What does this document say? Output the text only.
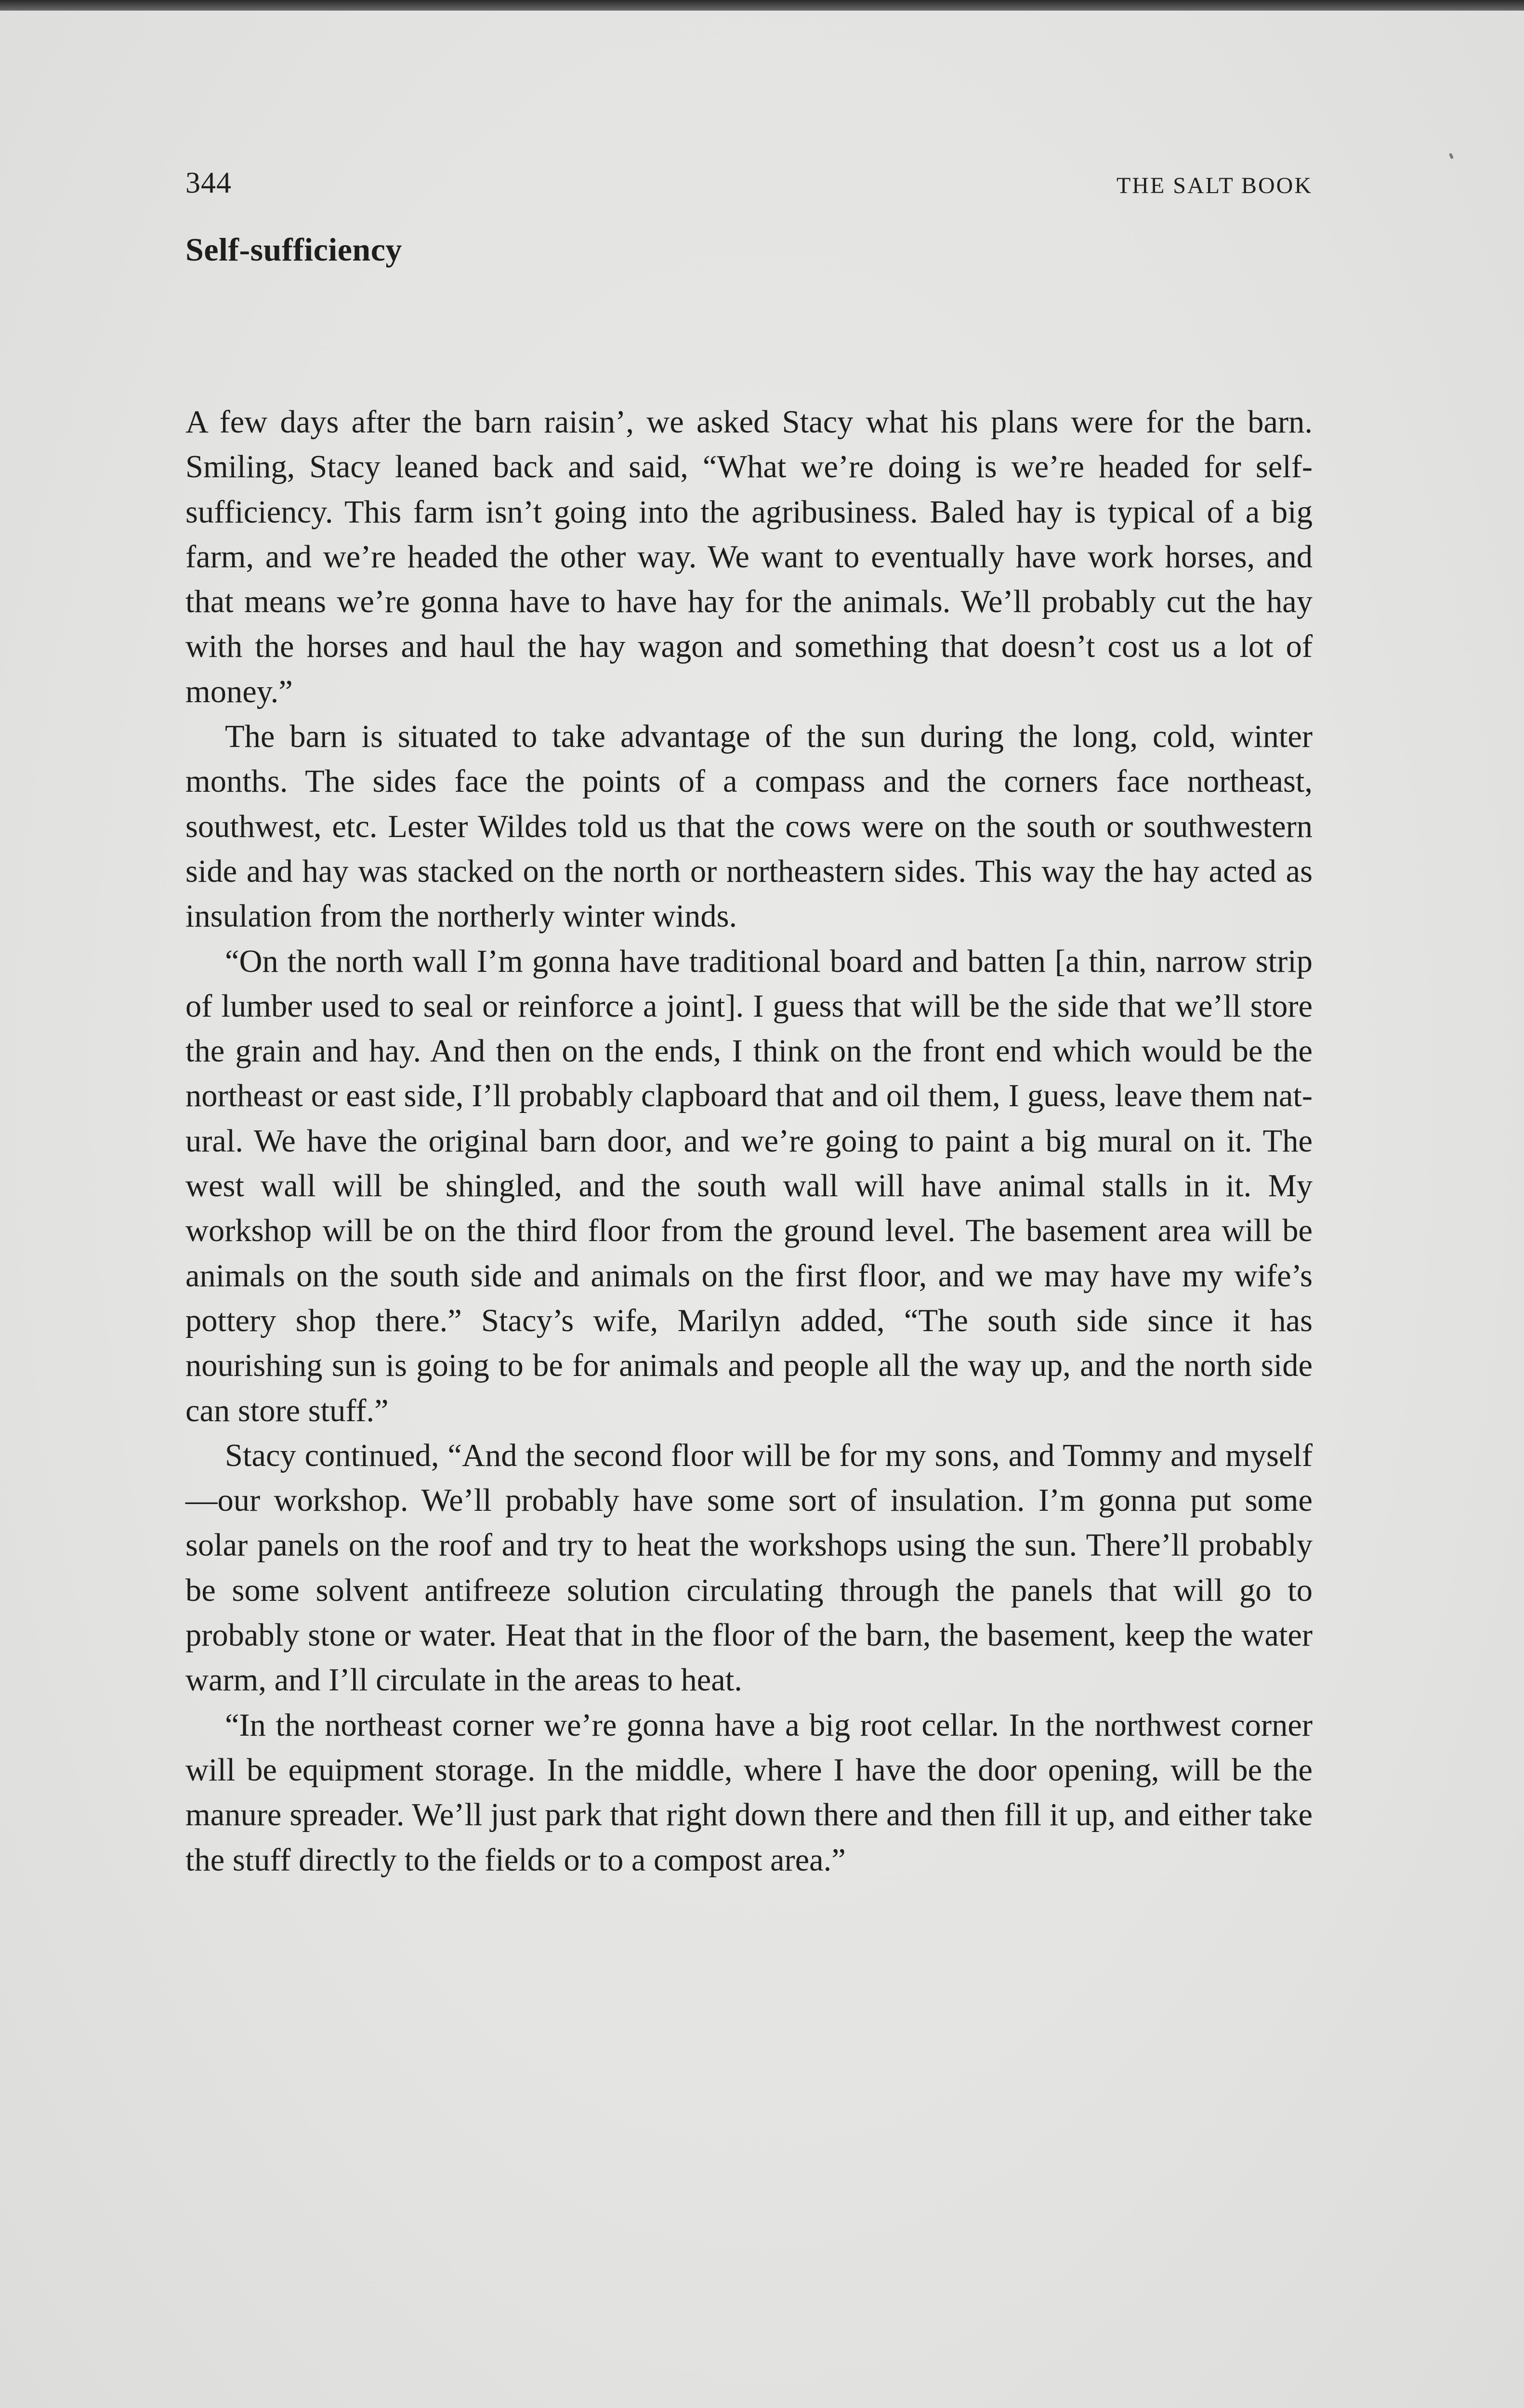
344	THE SALT BOOK
Self-sufficiency

A few days after the barn raisin’, we asked Stacy what his plans were for the barn. Smiling, Stacy leaned back and said, “What we’re doing is we’re headed for self-sufficiency. This farm isn’t going into the agribusiness. Baled hay is typical of a big farm, and we’re headed the other way. We want to eventually have work horses, and that means we’re gonna have to have hay for the animals. We’ll probably cut the hay with the horses and haul the hay wagon and something that doesn’t cost us a lot of money.”

The barn is situated to take advantage of the sun during the long, cold, winter months. The sides face the points of a compass and the corners face northeast, southwest, etc. Lester Wildes told us that the cows were on the south or southwestern side and hay was stacked on the north or northeastern sides. This way the hay acted as insulation from the northerly winter winds.

“On the north wall I’m gonna have traditional board and batten [a thin, narrow strip of lumber used to seal or reinforce a joint]. I guess that will be the side that we’ll store the grain and hay. And then on the ends, I think on the front end which would be the northeast or east side, I’ll probably clapboard that and oil them, I guess, leave them natural. We have the original barn door, and we’re going to paint a big mural on it. The west wall will be shingled, and the south wall will have animal stalls in it. My workshop will be on the third floor from the ground level. The basement area will be animals on the south side and animals on the first floor, and we may have my wife’s pottery shop there.” Stacy’s wife, Marilyn added, “The south side since it has nourishing sun is going to be for animals and people all the way up, and the north side can store stuff.”

Stacy continued, “And the second floor will be for my sons, and Tommy and myself—our workshop. We’ll probably have some sort of insulation. I’m gonna put some solar panels on the roof and try to heat the workshops using the sun. There’ll probably be some solvent antifreeze solution circulating through the panels that will go to probably stone or water. Heat that in the floor of the barn, the basement, keep the water warm, and I’ll circulate in the areas to heat.

“In the northeast corner we’re gonna have a big root cellar. In the northwest corner will be equipment storage. In the middle, where I have the door opening, will be the manure spreader. We’ll just park that right down there and then fill it up, and either take the stuff directly to the fields or to a compost area.”
